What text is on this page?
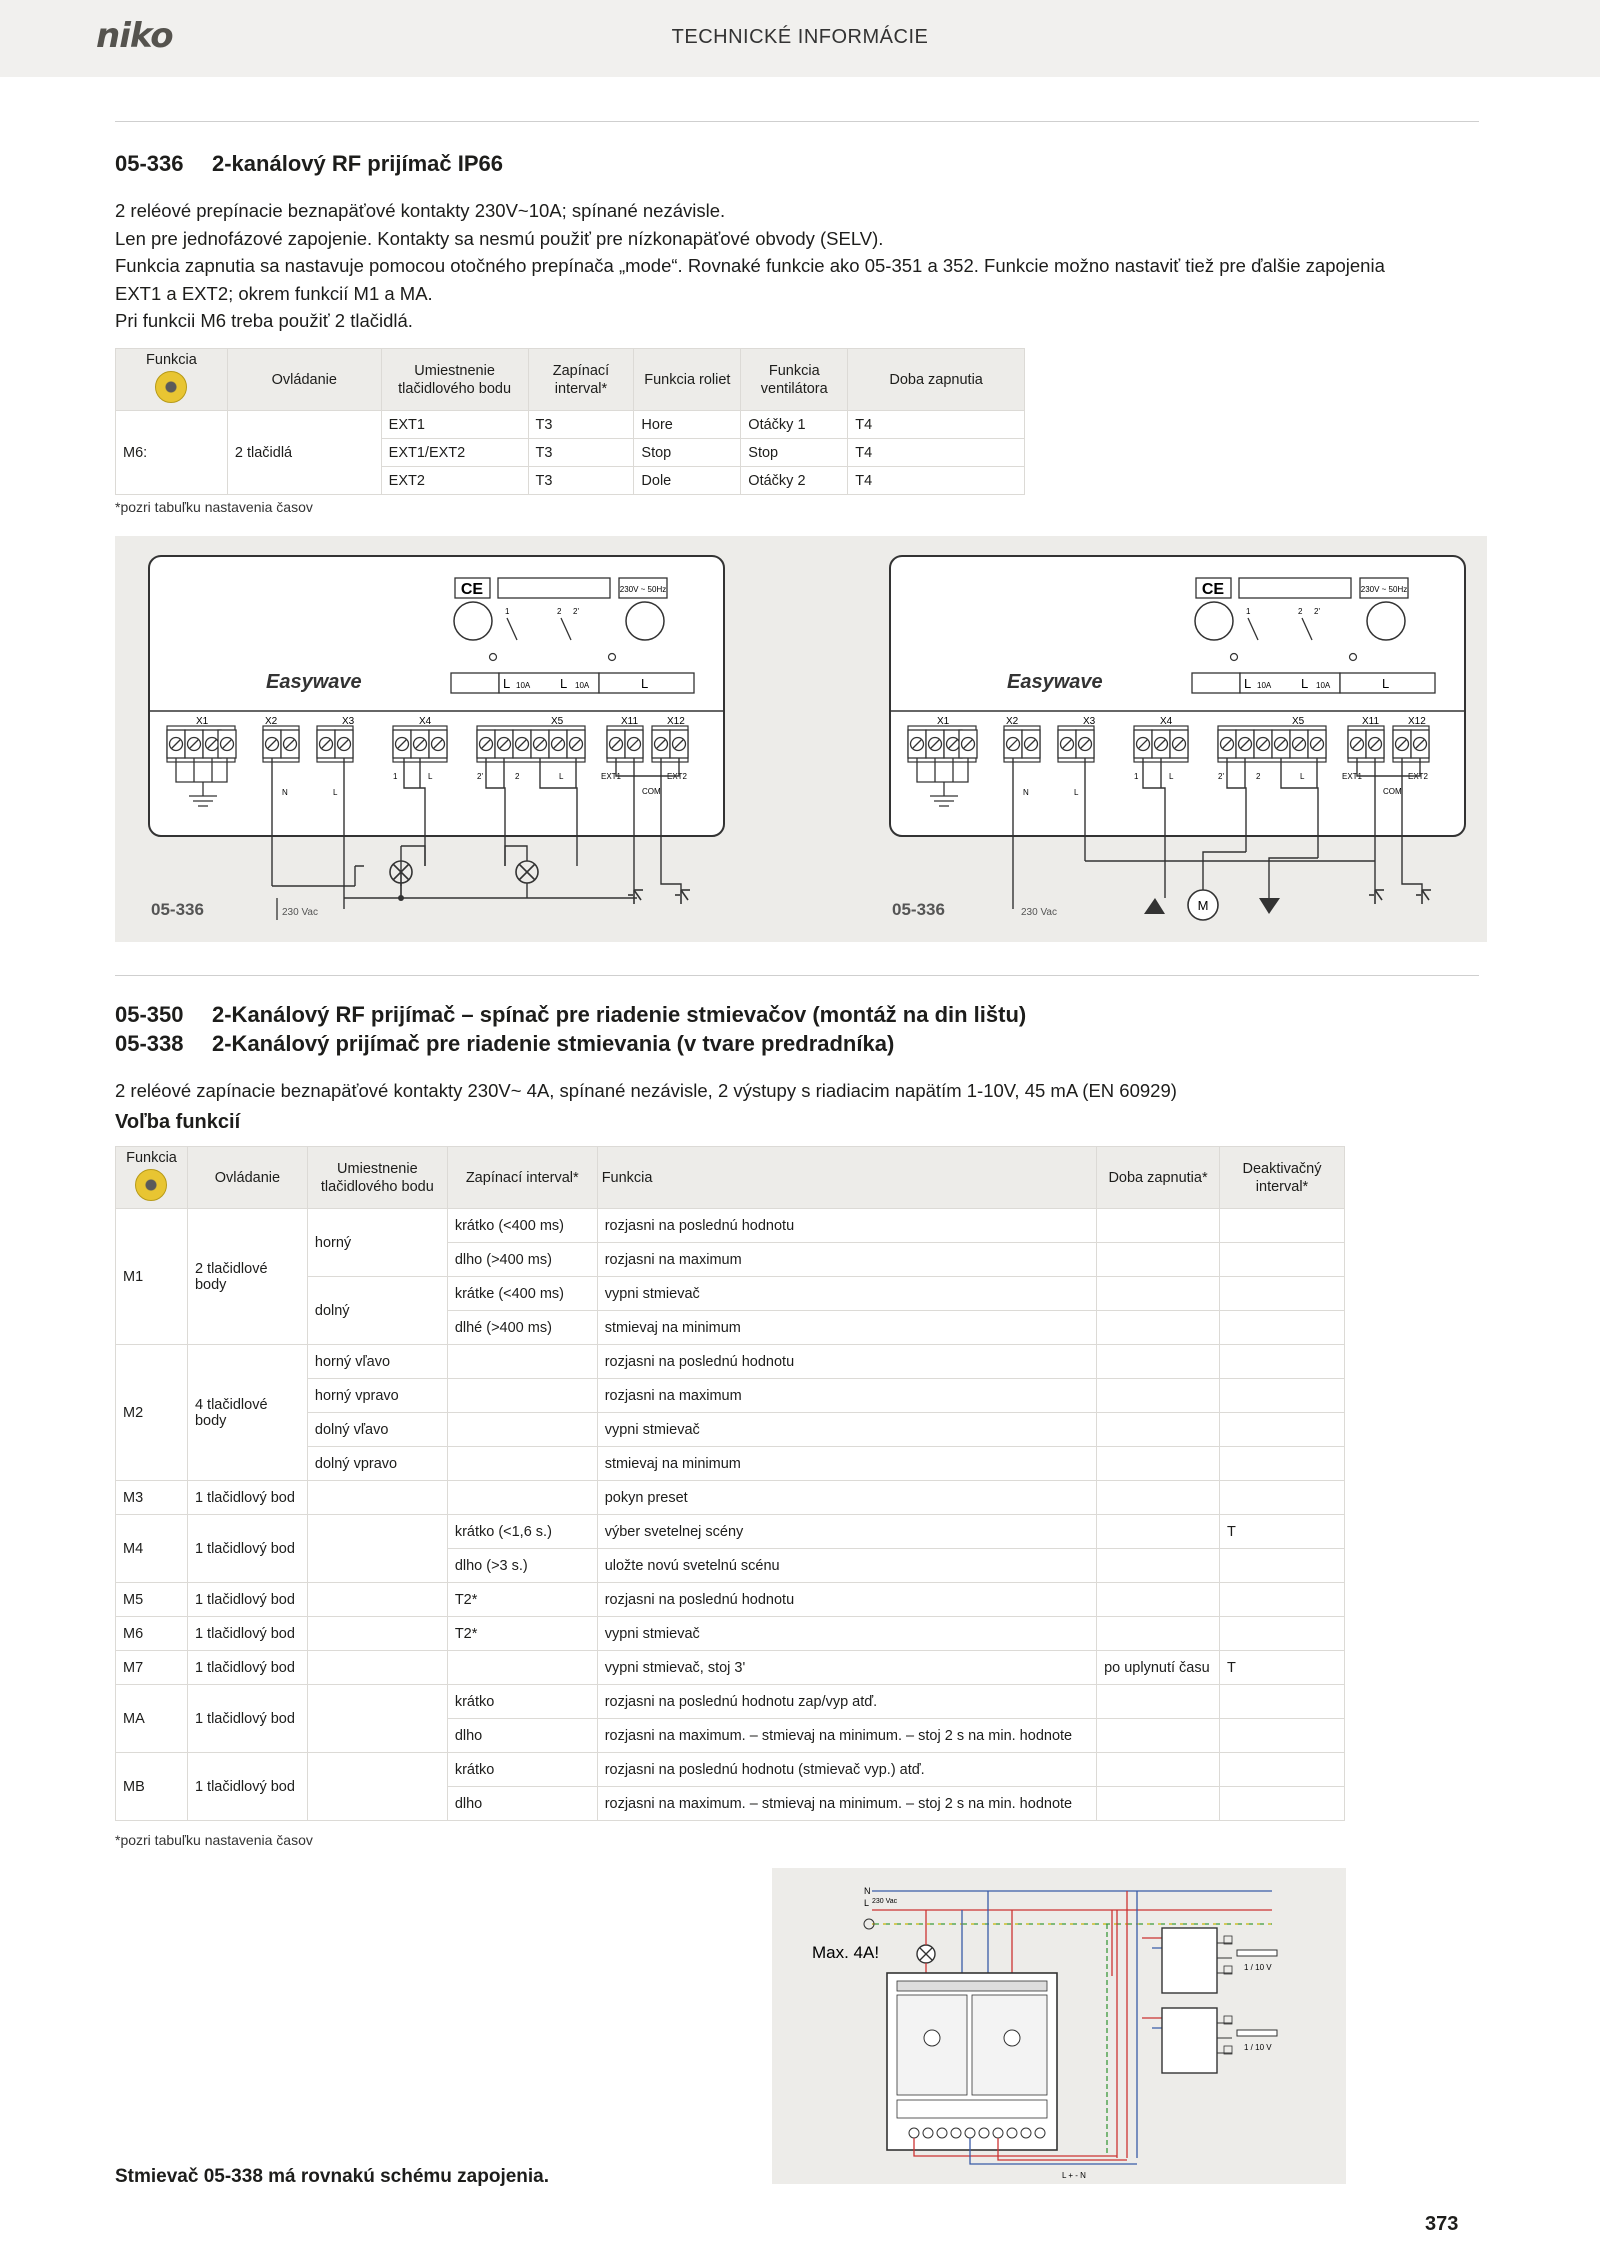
niko	TECHNICKÉ INFORMÁCIE
05-336 2-kanálový RF prijímač IP66

2 reléové prepínacie beznapäťové kontakty 230V~10A; spínané nezávisle.

Len pre jednofázové zapojenie. Kontakty sa nesmú použiť pre nízkonapäťové obvody (SELV).

Funkcia zapnutia sa nastavuje pomocou otočného prepínača „mode“. Rovnaké funkcie ako 05-351 a 352. Funkcie možno nastaviť tiež pre ďalšie zapojenia

EXT1 a EXT2; okrem funkcií M1 a MA.

Pri funkcii M6 treba použiť 2 tlačidlá.

Funkcia	Ovládanie	Umiestnenie tlačidlového bodu	Zapínací interval*	Funkcia roliet	Funkcia ventilátora	Doba zapnutia
M6:	2 tlačidlá	EXT1	T3	Hore	Otáčky 1	T4
		EXT1/EXT2	T3	Stop	Stop	T4
		EXT2	T3	Dole	Otáčky 2	T4
*pozri tabuľku nastavenia časov
CE	230V ~ 50Hz
1	2 2'
Easywave	L 10A L 10A	L
X1	X2	X3	X4	X5	X11	X12
N	L
1	L	2'	2	L	EXT1	EXT2
COM
05-336	230 Vac
CE	230V ~ 50Hz
1	2 2'
Easywave	L 10A L 10A	L
X1	X2	X3	X4	X5	X11	X12
N	L
1	L	2'	2	L	EXT1	EXT2
COM
M
05-336	230 Vac
05-350 2-Kanálový RF prijímač – spínač pre riadenie stmievačov (montáž na din lištu)
05-338 2-Kanálový prijímač pre riadenie stmievania (v tvare predradníka)
2 reléové zapínacie beznapäťové kontakty 230V~ 4A, spínané nezávisle, 2 výstupy s riadiacim napätím 1-10V, 45 mA (EN 60929)
Voľba funkcií
Funkcia	Ovládanie	Umiestnenie tlačidlového bodu	Zapínací interval*	Funkcia	Doba zapnutia*	Deaktivačný interval*
M1	2 tlačidlové body	horný	krátko (<400 ms)	rozjasni na poslednú hodnotu		
			dlho (>400 ms)	rozjasni na maximum		
		dolný	krátke (<400 ms)	vypni stmievač		
			dlhé (>400 ms)	stmievaj na minimum		
M2	4 tlačidlové body	horný vľavo		rozjasni na poslednú hodnotu		
		horný vpravo		rozjasni na maximum		
		dolný vľavo		vypni stmievač		
		dolný vpravo		stmievaj na minimum		
M3	1 tlačidlový bod			pokyn preset		
M4	1 tlačidlový bod		krátko (<1,6 s.)	výber svetelnej scény		T
			dlho (>3 s.)	uložte novú svetelnú scénu		
M5	1 tlačidlový bod		T2*	rozjasni na poslednú hodnotu		
M6	1 tlačidlový bod		T2*	vypni stmievač		
M7	1 tlačidlový bod			vypni stmievač, stoj 3'	po uplynutí času	T
MA	1 tlačidlový bod		krátko	rozjasni na poslednú hodnotu zap/vyp atď.		
			dlho	rozjasni na maximum. – stmievaj na minimum. – stoj 2 s na min. hodnote		
MB	1 tlačidlový bod		krátko	rozjasni na poslednú hodnotu (stmievač vyp.) atď.		
			dlho	rozjasni na maximum. – stmievaj na minimum. – stoj 2 s na min. hodnote		
*pozri tabuľku nastavenia časov
N
L 230 Vac
Max. 4A!
1 / 10 V
1 / 10 V
L + - N
Stmievač 05-338 má rovnakú schému zapojenia.
373
